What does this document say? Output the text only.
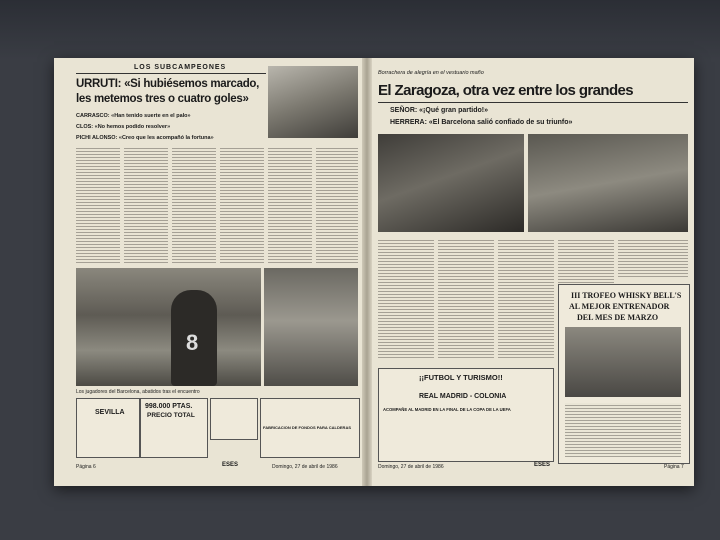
LOS SUBCAMPEONES
URRUTI: «Si hubiésemos marcado,
les metemos tres o cuatro goles»
CARRASCO: «Han tenido suerte en el palo»
CLOS: «No hemos podido resolver»
PICHI ALONSO: «Creo que les acompañó la fortuna»
8
Los jugadores del Barcelona, abatidos tras el encuentro
SEVILLA
998.000 PTAS.
PRECIO TOTAL
FABRICACION DE FONDOS PARA CALDERAS
Página 6	ESES	Domingo, 27 de abril de 1986
Borrachera de alegría en el vestuario maño
El Zaragoza, otra vez entre los grandes
SEÑOR: «¡Qué gran partido!»
HERRERA: «El Barcelona salió confiado de su triunfo»
III TROFEO WHISKY BELL'S
AL MEJOR ENTRENADOR
DEL MES DE MARZO
¡¡FUTBOL Y TURISMO!!
REAL MADRID - COLONIA
ACOMPAÑE AL MADRID EN LA FINAL DE LA COPA DE LA UEFA
Domingo, 27 de abril de 1986	ESES	Página 7
